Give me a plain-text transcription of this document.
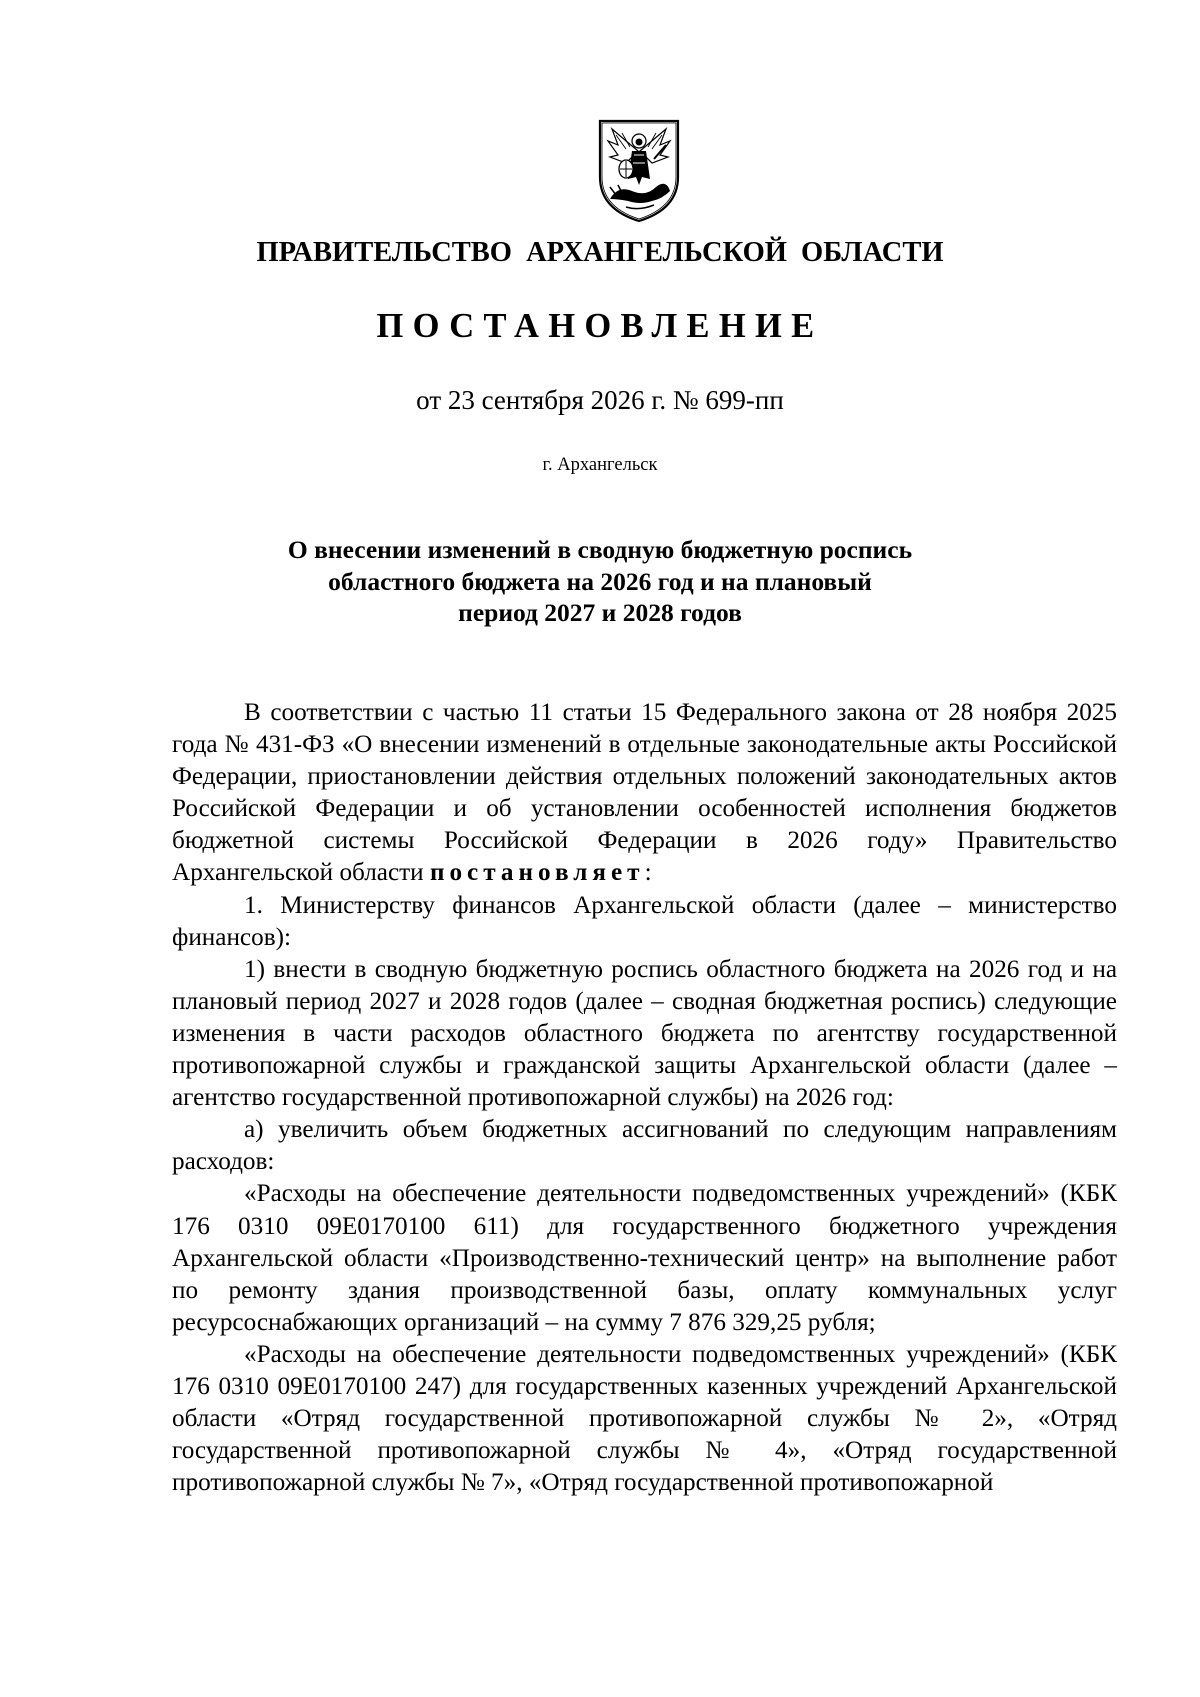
ПРАВИТЕЛЬСТВО АРХАНГЕЛЬСКОЙ ОБЛАСТИ
ПОСТАНОВЛЕНИЕ
от 23 сентября 2026 г. № 699-пп
г. Архангельск
О внесении изменений в сводную бюджетную роспись
областного бюджета на 2026 год и на плановый
период 2027 и 2028 годов

В соответствии с частью 11 статьи 15 Федерального закона от 28 ноября 2025 года № 431-ФЗ «О внесении изменений в отдельные законодательные акты Российской Федерации, приостановлении действия отдельных положений законодательных актов Российской Федерации и об установлении особенностей исполнения бюджетов бюджетной системы Российской Федерации в 2026 году» Правительство Архангельской области постановляет:

1. Министерству финансов Архангельской области (далее – министерство финансов):

1) внести в сводную бюджетную роспись областного бюджета на 2026 год и на плановый период 2027 и 2028 годов (далее – сводная бюджетная роспись) следующие изменения в части расходов областного бюджета по агентству государственной противопожарной службы и гражданской защиты Архангельской области (далее – агентство государственной противопожарной службы) на 2026 год:

а) увеличить объем бюджетных ассигнований по следующим направлениям расходов:

«Расходы на обеспечение деятельности подведомственных учреждений» (КБК 176 0310 09Е0170100 611) для государственного бюджетного учреждения Архангельской области «Производственно-технический центр» на выполнение работ по ремонту здания производственной базы, оплату коммунальных услуг ресурсоснабжающих организаций – на сумму 7 876 329,25 рубля;

«Расходы на обеспечение деятельности подведомственных учреждений» (КБК 176 0310 09Е0170100 247) для государственных казенных учреждений Архангельской области «Отряд государственной противопожарной службы № 2», «Отряд государственной противопожарной службы № 4», «Отряд государственной противопожарной службы № 7», «Отряд государственной противопожарной
